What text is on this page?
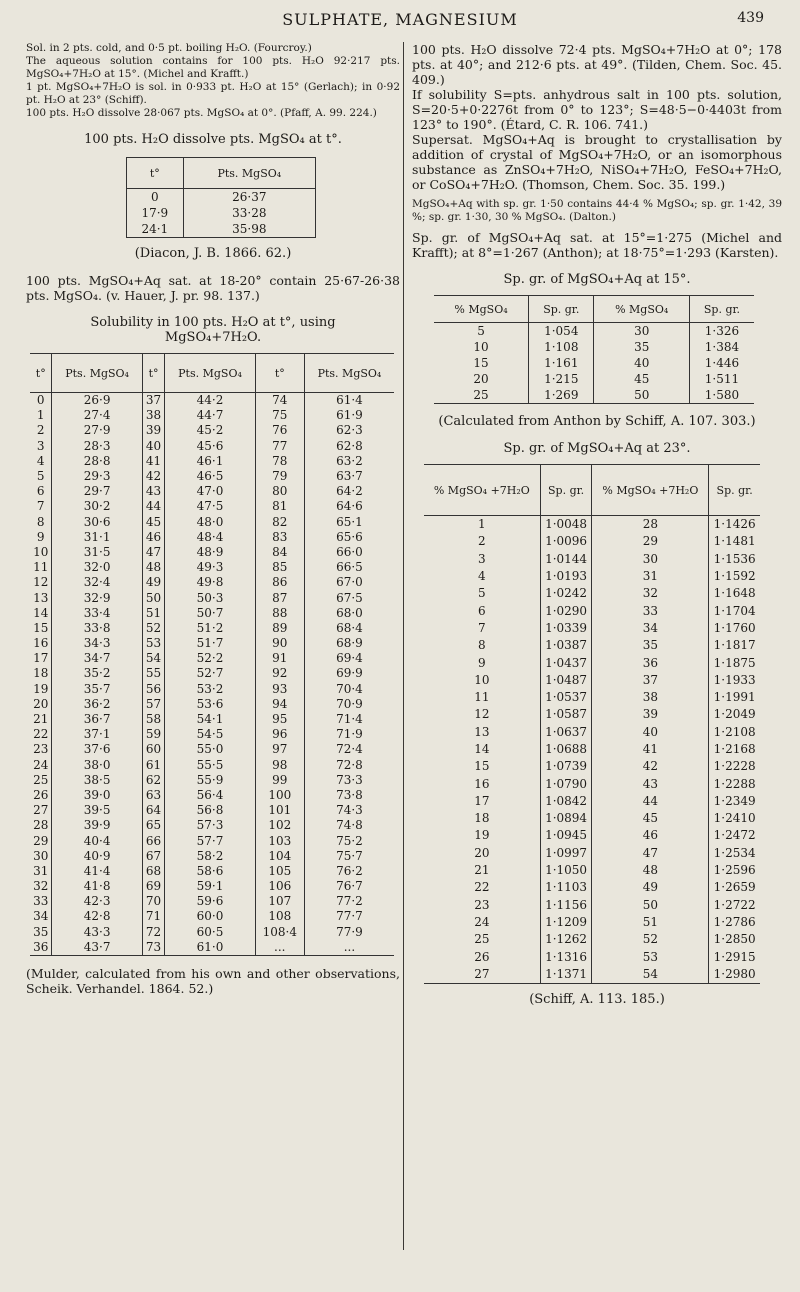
SULPHATE, MAGNESIUM	439

Sol. in 2 pts. cold, and 0·5 pt. boiling H₂O. (Fourcroy.)

The aqueous solution contains for 100 pts. H₂O 92·217 pts. MgSO₄+7H₂O at 15°. (Michel and Krafft.)

1 pt. MgSO₄+7H₂O is sol. in 0·933 pt. H₂O at 15° (Gerlach); in 0·92 pt. H₂O at 23° (Schiff).

100 pts. H₂O dissolve 28·067 pts. MgSO₄ at 0°. (Pfaff, A. 99. 224.)

100 pts. H₂O dissolve pts. MgSO₄ at t°.

t°	Pts. MgSO₄
0	26·37
17·9	33·28
24·1	35·98

(Diacon, J. B. 1866. 62.)

100 pts. MgSO₄+Aq sat. at 18-20° contain 25·67-26·38 pts. MgSO₄. (v. Hauer, J. pr. 98. 137.)

Solubility in 100 pts. H₂O at t°, using MgSO₄+7H₂O.

t°	Pts. MgSO₄	t°	Pts. MgSO₄	t°	Pts. MgSO₄
0	26·9	37	44·2	74	61·4
1	27·4	38	44·7	75	61·9
2	27·9	39	45·2	76	62·3
3	28·3	40	45·6	77	62·8
4	28·8	41	46·1	78	63·2
5	29·3	42	46·5	79	63·7
6	29·7	43	47·0	80	64·2
7	30·2	44	47·5	81	64·6
8	30·6	45	48·0	82	65·1
9	31·1	46	48·4	83	65·6
10	31·5	47	48·9	84	66·0
11	32·0	48	49·3	85	66·5
12	32·4	49	49·8	86	67·0
13	32·9	50	50·3	87	67·5
14	33·4	51	50·7	88	68·0
15	33·8	52	51·2	89	68·4
16	34·3	53	51·7	90	68·9
17	34·7	54	52·2	91	69·4
18	35·2	55	52·7	92	69·9
19	35·7	56	53·2	93	70·4
20	36·2	57	53·6	94	70·9
21	36·7	58	54·1	95	71·4
22	37·1	59	54·5	96	71·9
23	37·6	60	55·0	97	72·4
24	38·0	61	55·5	98	72·8
25	38·5	62	55·9	99	73·3
26	39·0	63	56·4	100	73·8
27	39·5	64	56·8	101	74·3
28	39·9	65	57·3	102	74·8
29	40·4	66	57·7	103	75·2
30	40·9	67	58·2	104	75·7
31	41·4	68	58·6	105	76·2
32	41·8	69	59·1	106	76·7
33	42·3	70	59·6	107	77·2
34	42·8	71	60·0	108	77·7
35	43·3	72	60·5	108·4	77·9
36	43·7	73	61·0	...	...

(Mulder, calculated from his own and other observations, Scheik. Verhandel. 1864. 52.)

100 pts. H₂O dissolve 72·4 pts. MgSO₄+7H₂O at 0°; 178 pts. at 40°; and 212·6 pts. at 49°. (Tilden, Chem. Soc. 45. 409.)

If solubility S=pts. anhydrous salt in 100 pts. solution, S=20·5+0·2276t from 0° to 123°; S=48·5−0·4403t from 123° to 190°. (Étard, C. R. 106. 741.)

Supersat. MgSO₄+Aq is brought to crystallisation by addition of crystal of MgSO₄+7H₂O, or an isomorphous substance as ZnSO₄+7H₂O, NiSO₄+7H₂O, FeSO₄+7H₂O, or CoSO₄+7H₂O. (Thomson, Chem. Soc. 35. 199.)

MgSO₄+Aq with sp. gr. 1·50 contains 44·4 % MgSO₄; sp. gr. 1·42, 39 %; sp. gr. 1·30, 30 % MgSO₄. (Dalton.)

Sp. gr. of MgSO₄+Aq sat. at 15°=1·275 (Michel and Krafft); at 8°=1·267 (Anthon); at 18·75°=1·293 (Karsten).

Sp. gr. of MgSO₄+Aq at 15°.

% MgSO₄	Sp. gr.	% MgSO₄	Sp. gr.
5	1·054	30	1·326
10	1·108	35	1·384
15	1·161	40	1·446
20	1·215	45	1·511
25	1·269	50	1·580

(Calculated from Anthon by Schiff, A. 107. 303.)

Sp. gr. of MgSO₄+Aq at 23°.

% MgSO₄ +7H₂O	Sp. gr.	% MgSO₄ +7H₂O	Sp. gr.
1	1·0048	28	1·1426
2	1·0096	29	1·1481
3	1·0144	30	1·1536
4	1·0193	31	1·1592
5	1·0242	32	1·1648
6	1·0290	33	1·1704
7	1·0339	34	1·1760
8	1·0387	35	1·1817
9	1·0437	36	1·1875
10	1·0487	37	1·1933
11	1·0537	38	1·1991
12	1·0587	39	1·2049
13	1·0637	40	1·2108
14	1·0688	41	1·2168
15	1·0739	42	1·2228
16	1·0790	43	1·2288
17	1·0842	44	1·2349
18	1·0894	45	1·2410
19	1·0945	46	1·2472
20	1·0997	47	1·2534
21	1·1050	48	1·2596
22	1·1103	49	1·2659
23	1·1156	50	1·2722
24	1·1209	51	1·2786
25	1·1262	52	1·2850
26	1·1316	53	1·2915
27	1·1371	54	1·2980

(Schiff, A. 113. 185.)
